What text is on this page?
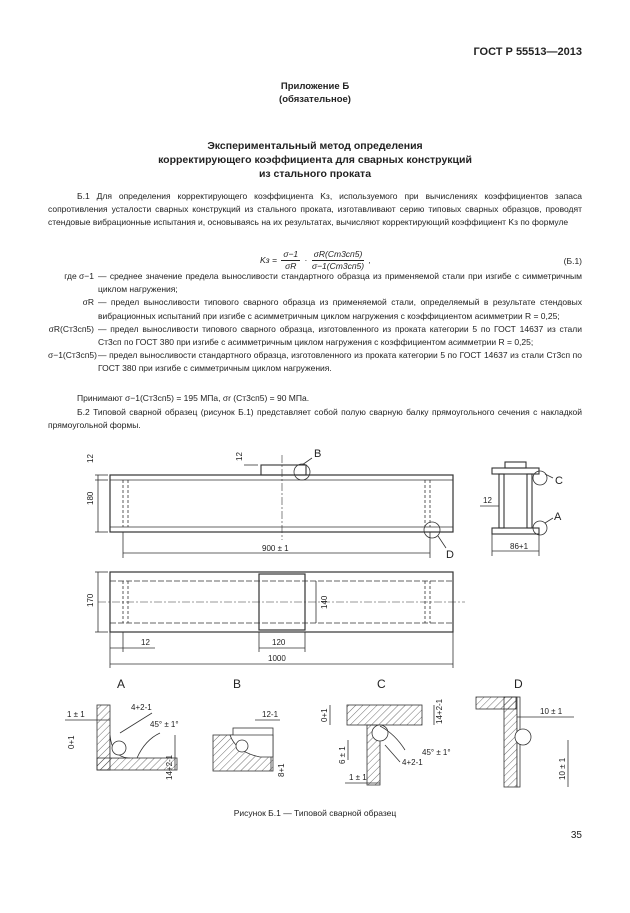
ГОСТ Р 55513—2013
Приложение Б
(обязательное)
Экспериментальный метод определения
корректирующего коэффициента для сварных конструкций
из стального проката
Б.1 Для определения корректирующего коэффициента Kз, используемого при вычислениях коэффициентов запаса сопротивления усталости сварных конструкций из стального проката, изготавливают серию типовых сварных образцов, проводят стендовые вибрационные испытания и, основываясь на их результатах, вычисляют корректирующий коэффициент Kз по формуле
Kз = $\frac{\sigma-1}{\sigma R} \cdot \frac{\sigma R(Ст3сп5)}{\sigma-1(Ст3сп5)}$ ,	(Б.1)
где σ−1 — среднее значение предела выносливости стандартного образца из применяемой стали при изгибе с симметричным циклом нагружения;
σR — предел выносливости типового сварного образца из применяемой стали, определяемый в результате стендовых вибрационных испытаний при изгибе с асимметричным циклом нагружения с коэффициентом асимметрии R = 0,25;
σR(Ст3сп5) — предел выносливости типового сварного образца, изготовленного из проката категории 5 по ГОСТ 14637 из стали Ст3сп по ГОСТ 380 при изгибе с асимметричным циклом нагружения с коэффициентом асимметрии R = 0,25;
σ−1(Ст3сп5) — предел выносливости стандартного образца, изготовленного из проката категории 5 по ГОСТ 14637 из стали Ст3сп по ГОСТ 380 при изгибе с симметричным циклом нагружения.
Принимают σ−1(Ст3сп5) = 195 МПа, σr (Ст3сп5) = 90 МПа.
Б.2 Типовой сварной образец (рисунок Б.1) представляет собой полую сварную балку прямоугольного сечения с накладкой прямоугольной формы.
180
12	12
900 ± 1
B
D
C
A
12
86+1
170	140
12	120
1000
A
1 ± 1
4+2-1
45° ± 1°
0+1
14+2-1
B
12-1
8+1
C
0+1	14+2-1
45° ± 1°
6 ± 1	4+2-1
1 ± 1
D
10 ± 1
10 ± 1
Рисунок Б.1 — Типовой сварной образец
35
